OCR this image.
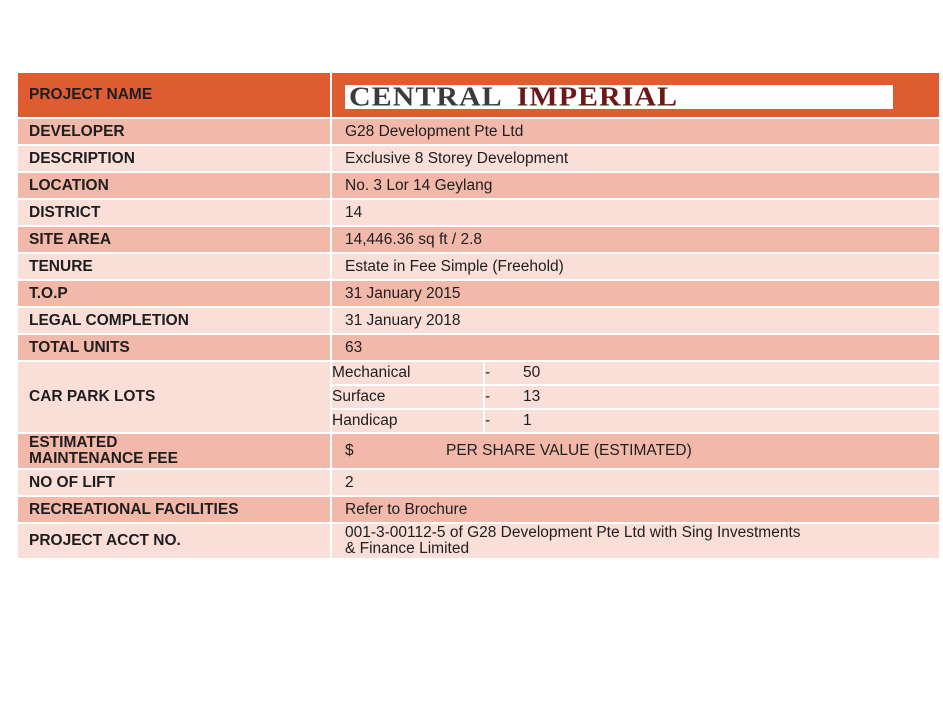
PROJECT NAME	CENTRAL IMPERIAL
DEVELOPER	G28 Development Pte Ltd
DESCRIPTION	Exclusive 8 Storey Development
LOCATION	No. 3 Lor 14 Geylang
DISTRICT	14
SITE AREA	14,446.36 sq ft / 2.8
TENURE	Estate in Fee Simple (Freehold)
T.O.P	31 January 2015
LEGAL COMPLETION	31 January 2018
TOTAL UNITS	63
CAR PARK LOTS	
Mechanical	-	50
Surface	-	13
Handicap	-	1

ESTIMATED
MAINTENANCE FEE	$	PER SHARE VALUE (ESTIMATED)
NO OF LIFT	2
RECREATIONAL FACILITIES	Refer to Brochure
PROJECT ACCT NO.	001-3-00112-5 of G28 Development Pte Ltd with Sing Investments
& Finance Limited
